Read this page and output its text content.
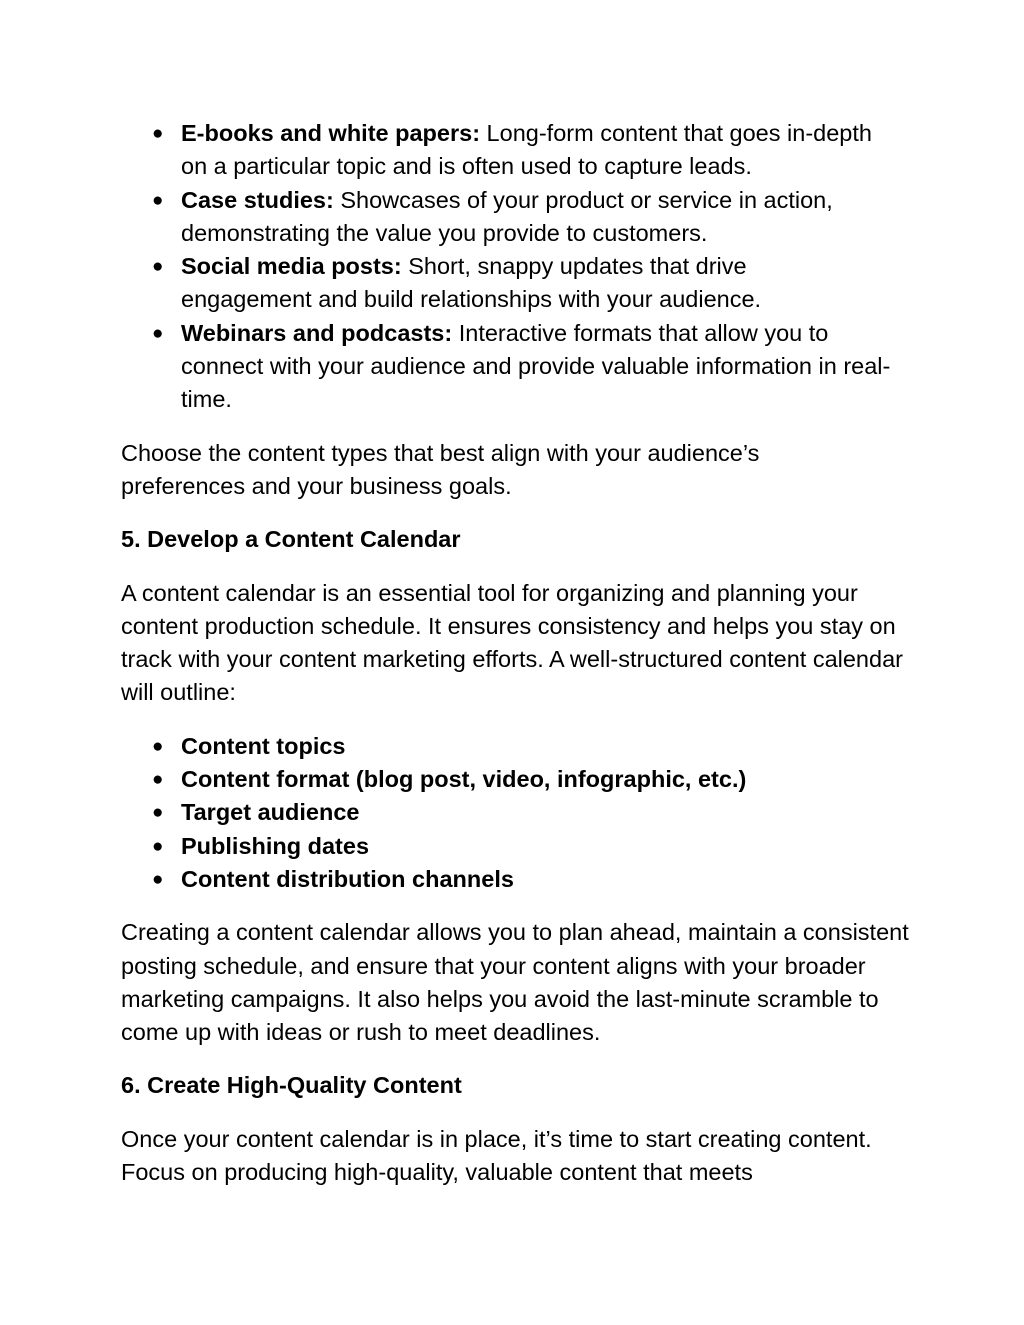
● E-books and white papers: Long-form content that goes in-depth on a particular topic and is often used to capture leads.
● Case studies: Showcases of your product or service in action, demonstrating the value you provide to customers.
● Social media posts: Short, snappy updates that drive engagement and build relationships with your audience.
● Webinars and podcasts: Interactive formats that allow you to connect with your audience and provide valuable information in real-time.

Choose the content types that best align with your audience’s preferences and your business goals.

5. Develop a Content Calendar

A content calendar is an essential tool for organizing and planning your content production schedule. It ensures consistency and helps you stay on track with your content marketing efforts. A well-structured content calendar will outline:

● Content topics
● Content format (blog post, video, infographic, etc.)
● Target audience
● Publishing dates
● Content distribution channels

Creating a content calendar allows you to plan ahead, maintain a consistent posting schedule, and ensure that your content aligns with your broader marketing campaigns. It also helps you avoid the last-minute scramble to come up with ideas or rush to meet deadlines.

6. Create High-Quality Content

Once your content calendar is in place, it’s time to start creating content. Focus on producing high-quality, valuable content that meets
